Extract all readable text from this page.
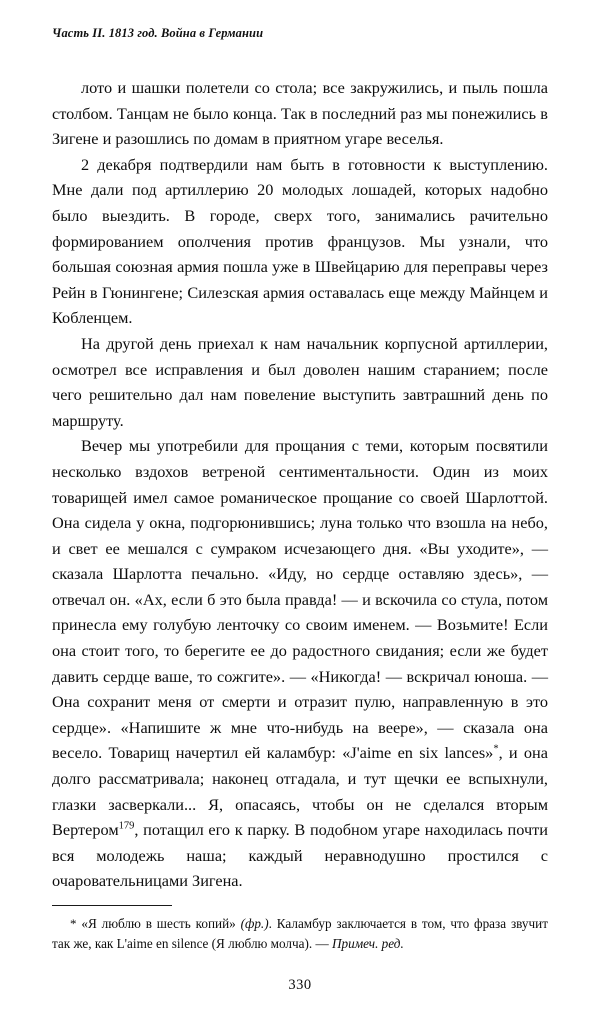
Часть II. 1813 год. Война в Германии

лото и шашки полетели со стола; все закружились, и пыль пошла столбом. Танцам не было конца. Так в последний раз мы понежились в Зигене и разошлись по домам в приятном угаре веселья.

2 декабря подтвердили нам быть в готовности к выступлению. Мне дали под артиллерию 20 молодых лошадей, которых надобно было выездить. В городе, сверх того, занимались рачительно формированием ополчения против французов. Мы узнали, что большая союзная армия пошла уже в Швейцарию для переправы через Рейн в Гюнингене; Силезская армия оставалась еще между Майнцем и Кобленцем.

На другой день приехал к нам начальник корпусной артиллерии, осмотрел все исправления и был доволен нашим старанием; после чего решительно дал нам повеление выступить завтрашний день по маршруту.

Вечер мы употребили для прощания с теми, которым посвятили несколько вздохов ветреной сентиментальности. Один из моих товарищей имел самое романическое прощание со своей Шарлоттой. Она сидела у окна, подгорюнившись; луна только что взошла на небо, и свет ее мешался с сумраком исчезающего дня. «Вы уходите», — сказала Шарлотта печально. «Иду, но сердце оставляю здесь», — отвечал он. «Ах, если б это была правда! — и вскочила со стула, потом принесла ему голубую ленточку со своим именем. — Возьмите! Если она стоит того, то берегите ее до радостного свидания; если же будет давить сердце ваше, то сожгите». — «Никогда! — вскричал юноша. — Она сохранит меня от смерти и отразит пулю, направленную в это сердце». «Напишите ж мне что-нибудь на веере», — сказала она весело. Товарищ начертил ей каламбур: «J'aime en six lances»*, и она долго рассматривала; наконец отгадала, и тут щечки ее вспыхнули, глазки засверкали... Я, опасаясь, чтобы он не сделался вторым Вертером$^{179}$, потащил его к парку. В подобном угаре находилась почти вся молодежь наша; каждый неравнодушно простился с очаровательницами Зигена.

* «Я люблю в шесть копий» (фр.). Каламбур заключается в том, что фраза звучит так же, как L'aime en silence (Я люблю молча). — Примеч. ред.
330
